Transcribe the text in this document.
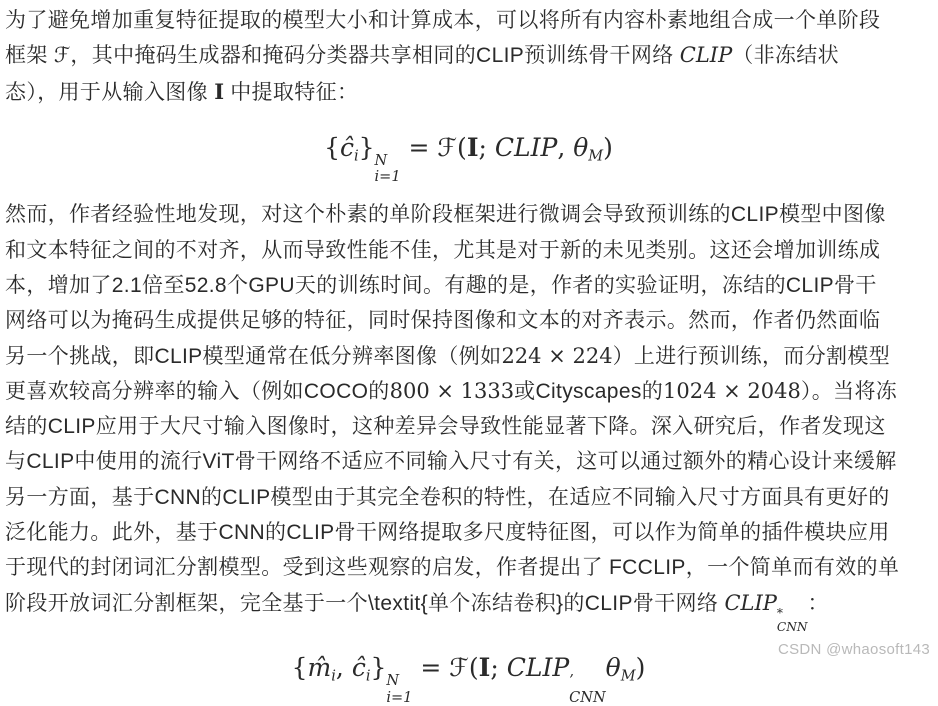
为了避免增加重复特征提取的模型大小和计算成本，可以将所有内容朴素地组合成一个单阶段
框架 ℱ，其中掩码生成器和掩码分类器共享相同的CLIP预训练骨干网络 CLIP（非冻结状
态），用于从输入图像 I 中提取特征：
{ĉi} N
i=1
= ℱ(I; CLIP, θM)
然而，作者经验性地发现，对这个朴素的单阶段框架进行微调会导致预训练的CLIP模型中图像
和文本特征之间的不对齐，从而导致性能不佳，尤其是对于新的未见类别。这还会增加训练成
本，增加了2.1倍至52.8个GPU天的训练时间。有趣的是，作者的实验证明，冻结的CLIP骨干
网络可以为掩码生成提供足够的特征，同时保持图像和文本的对齐表示。然而，作者仍然面临
另一个挑战，即CLIP模型通常在低分辨率图像（例如224 × 224）上进行预训练，而分割模型
更喜欢较高分辨率的输入（例如COCO的800 × 1333或Cityscapes的1024 × 2048）。当将冻
结的CLIP应用于大尺寸输入图像时，这种差异会导致性能显著下降。深入研究后，作者发现这
与CLIP中使用的流行ViT骨干网络不适应不同输入尺寸有关，这可以通过额外的精心设计来缓解
另一方面，基于CNN的CLIP模型由于其完全卷积的特性，在适应不同输入尺寸方面具有更好的
泛化能力。此外，基于CNN的CLIP骨干网络提取多尺度特征图，可以作为简单的插件模块应用
于现代的封闭词汇分割模型。受到这些观察的启发，作者提出了 FCCLIP，一个简单而有效的单
阶段开放词汇分割框架，完全基于一个\textit{单个冻结卷积}的CLIP骨干网络 CLIP *
CNN
：
{m̂i, ĉi} N
i=1
= ℱ(I; CLIP ’
CNN
θM)
CSDN @whaosoft143
